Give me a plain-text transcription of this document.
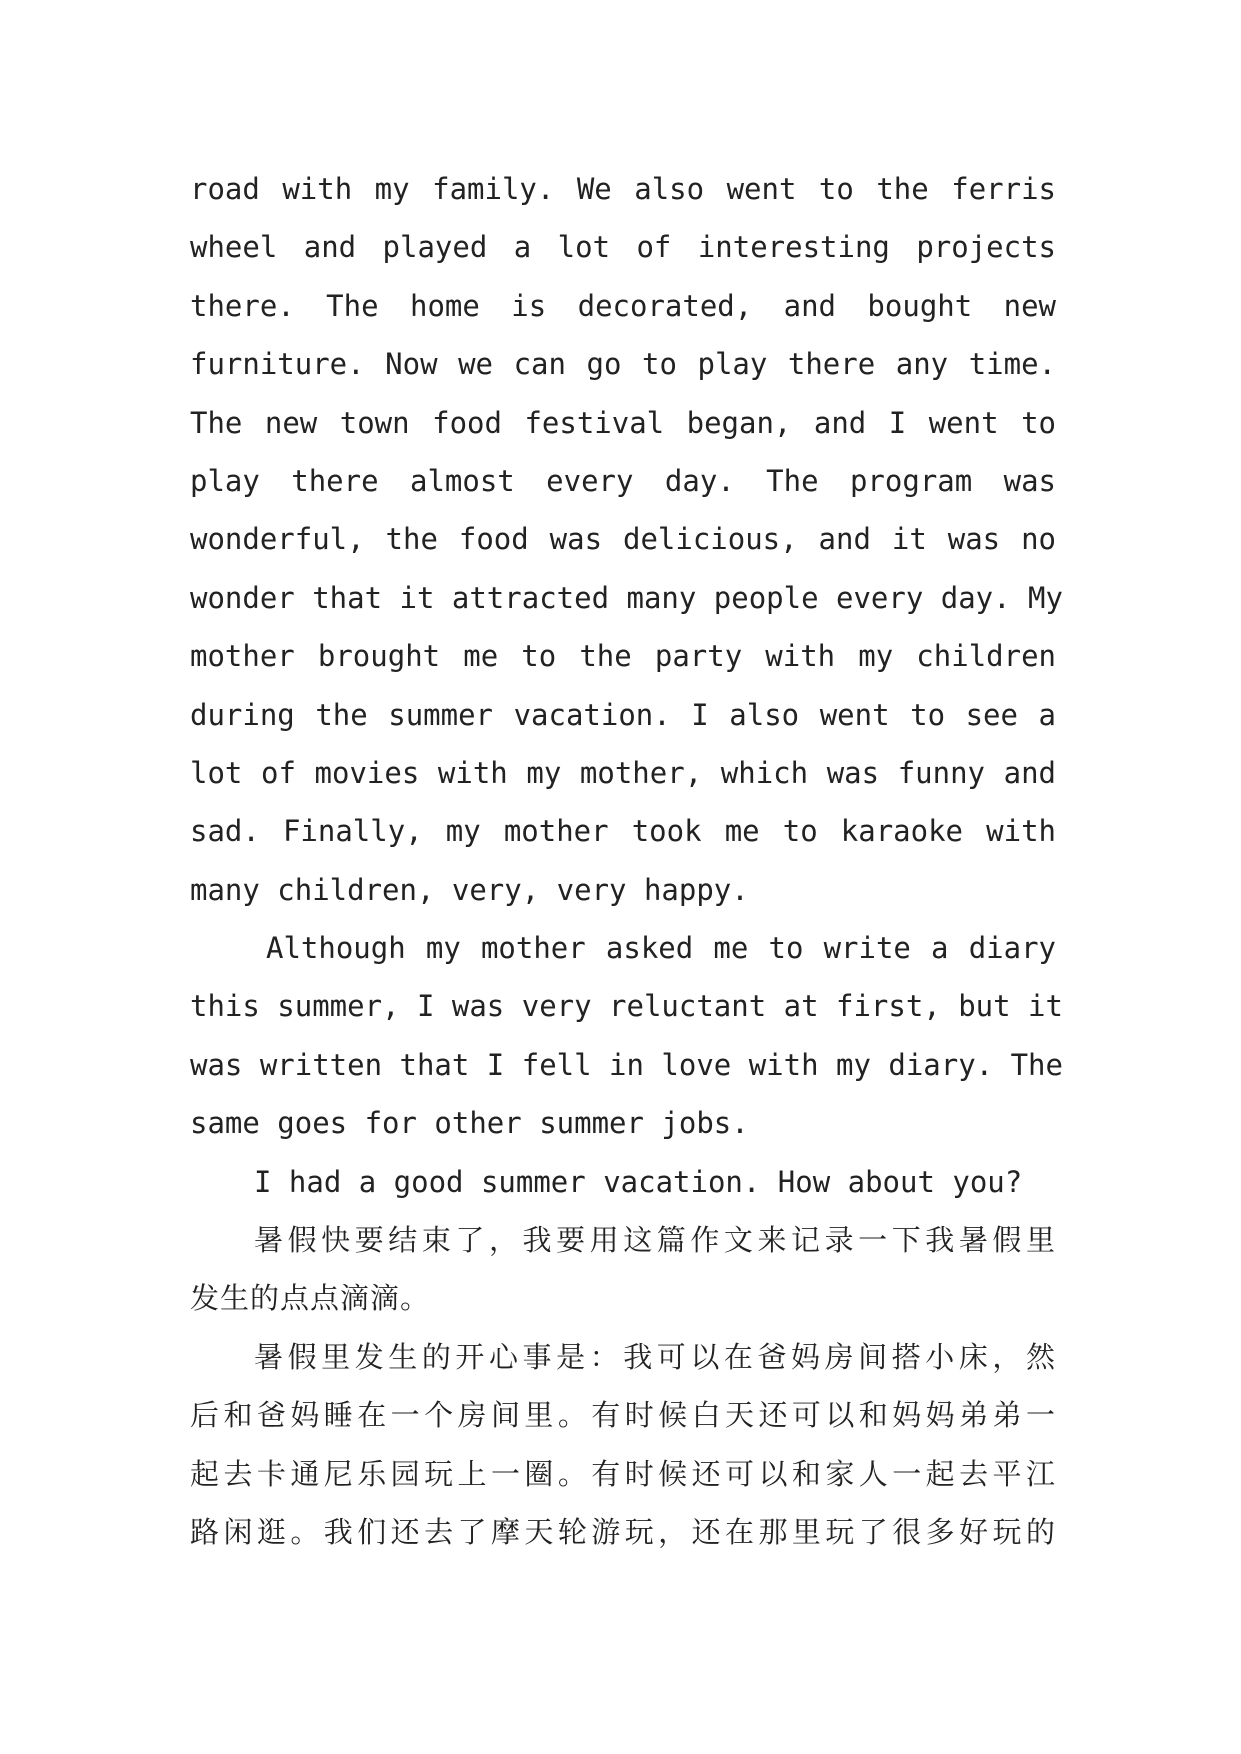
road with my family. We also went to the ferris
wheel and played a lot of interesting projects
there. The home is decorated, and bought new
furniture. Now we can go to play there any time.
The new town food festival began, and I went to
play there almost every day. The program was
wonderful, the food was delicious, and it was no
wonder that it attracted many people every day. My
mother brought me to the party with my children
during the summer vacation. I also went to see a
lot of movies with my mother, which was funny and
sad. Finally, my mother took me to karaoke with
many children, very, very happy.
Although my mother asked me to write a diary
this summer, I was very reluctant at first, but it
was written that I fell in love with my diary. The
same goes for other summer jobs.
I had a good summer vacation. How about you?
暑假快要结束了，我要用这篇作文来记录一下我暑假里
发生的点点滴滴。
暑假里发生的开心事是：我可以在爸妈房间搭小床，然
后和爸妈睡在一个房间里。有时候白天还可以和妈妈弟弟一
起去卡通尼乐园玩上一圈。有时候还可以和家人一起去平江
路闲逛。我们还去了摩天轮游玩，还在那里玩了很多好玩的
